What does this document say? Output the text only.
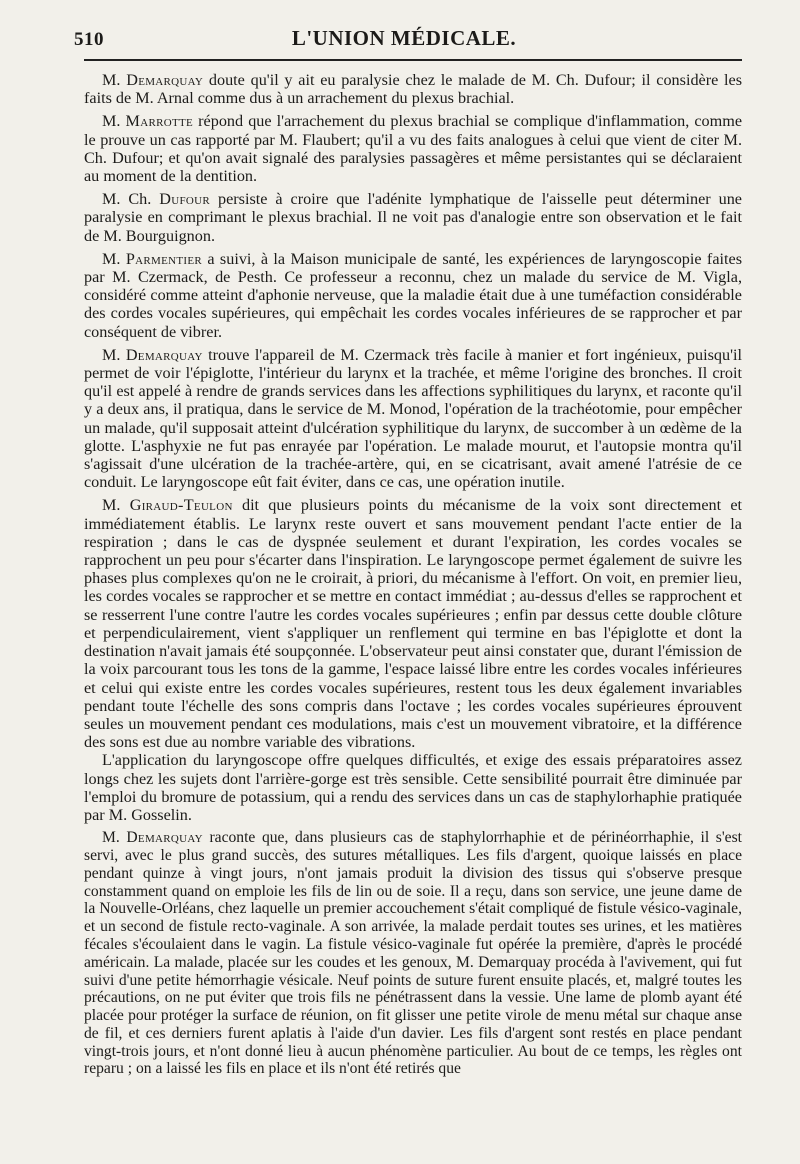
510	L'UNION MÉDICALE.

M. Demarquay doute qu'il y ait eu paralysie chez le malade de M. Ch. Dufour; il considère les faits de M. Arnal comme dus à un arrachement du plexus brachial.

M. Marrotte répond que l'arrachement du plexus brachial se complique d'inflammation, comme le prouve un cas rapporté par M. Flaubert; qu'il a vu des faits analogues à celui que vient de citer M. Ch. Dufour; et qu'on avait signalé des paralysies passagères et même persistantes qui se déclaraient au moment de la dentition.

M. Ch. Dufour persiste à croire que l'adénite lymphatique de l'aisselle peut déterminer une paralysie en comprimant le plexus brachial. Il ne voit pas d'analogie entre son observation et le fait de M. Bourguignon.

M. Parmentier a suivi, à la Maison municipale de santé, les expériences de laryngoscopie faites par M. Czermack, de Pesth. Ce professeur a reconnu, chez un malade du service de M. Vigla, considéré comme atteint d'aphonie nerveuse, que la maladie était due à une tuméfaction considérable des cordes vocales supérieures, qui empêchait les cordes vocales inférieures de se rapprocher et par conséquent de vibrer.

M. Demarquay trouve l'appareil de M. Czermack très facile à manier et fort ingénieux, puisqu'il permet de voir l'épiglotte, l'intérieur du larynx et la trachée, et même l'origine des bronches. Il croit qu'il est appelé à rendre de grands services dans les affections syphilitiques du larynx, et raconte qu'il y a deux ans, il pratiqua, dans le service de M. Monod, l'opération de la trachéotomie, pour empêcher un malade, qu'il supposait atteint d'ulcération syphilitique du larynx, de succomber à un œdème de la glotte. L'asphyxie ne fut pas enrayée par l'opération. Le malade mourut, et l'autopsie montra qu'il s'agissait d'une ulcération de la trachée-artère, qui, en se cicatrisant, avait amené l'atrésie de ce conduit. Le laryngoscope eût fait éviter, dans ce cas, une opération inutile.

M. Giraud-Teulon dit que plusieurs points du mécanisme de la voix sont directement et immédiatement établis. Le larynx reste ouvert et sans mouvement pendant l'acte entier de la respiration ; dans le cas de dyspnée seulement et durant l'expiration, les cordes vocales se rapprochent un peu pour s'écarter dans l'inspiration. Le laryngoscope permet également de suivre les phases plus complexes qu'on ne le croirait, à priori, du mécanisme à l'effort. On voit, en premier lieu, les cordes vocales se rapprocher et se mettre en contact immédiat ; au-dessus d'elles se rapprochent et se resserrent l'une contre l'autre les cordes vocales supérieures ; enfin par dessus cette double clôture et perpendiculairement, vient s'appliquer un renflement qui termine en bas l'épiglotte et dont la destination n'avait jamais été soupçonnée. L'observateur peut ainsi constater que, durant l'émission de la voix parcourant tous les tons de la gamme, l'espace laissé libre entre les cordes vocales inférieures et celui qui existe entre les cordes vocales supérieures, restent tous les deux également invariables pendant toute l'échelle des sons compris dans l'octave ; les cordes vocales supérieures éprouvent seules un mouvement pendant ces modulations, mais c'est un mouvement vibratoire, et la différence des sons est due au nombre variable des vibrations.

L'application du laryngoscope offre quelques difficultés, et exige des essais préparatoires assez longs chez les sujets dont l'arrière-gorge est très sensible. Cette sensibilité pourrait être diminuée par l'emploi du bromure de potassium, qui a rendu des services dans un cas de staphylorhaphie pratiquée par M. Gosselin.

M. Demarquay raconte que, dans plusieurs cas de staphylorrhaphie et de périnéorrhaphie, il s'est servi, avec le plus grand succès, des sutures métalliques. Les fils d'argent, quoique laissés en place pendant quinze à vingt jours, n'ont jamais produit la division des tissus qui s'observe presque constamment quand on emploie les fils de lin ou de soie. Il a reçu, dans son service, une jeune dame de la Nouvelle-Orléans, chez laquelle un premier accouchement s'était compliqué de fistule vésico-vaginale, et un second de fistule recto-vaginale. A son arrivée, la malade perdait toutes ses urines, et les matières fécales s'écoulaient dans le vagin. La fistule vésico-vaginale fut opérée la première, d'après le procédé américain. La malade, placée sur les coudes et les genoux, M. Demarquay procéda à l'avivement, qui fut suivi d'une petite hémorrhagie vésicale. Neuf points de suture furent ensuite placés, et, malgré toutes les précautions, on ne put éviter que trois fils ne pénétrassent dans la vessie. Une lame de plomb ayant été placée pour protéger la surface de réunion, on fit glisser une petite virole de menu métal sur chaque anse de fil, et ces derniers furent aplatis à l'aide d'un davier. Les fils d'argent sont restés en place pendant vingt-trois jours, et n'ont donné lieu à aucun phénomène particulier. Au bout de ce temps, les règles ont reparu ; on a laissé les fils en place et ils n'ont été retirés que
